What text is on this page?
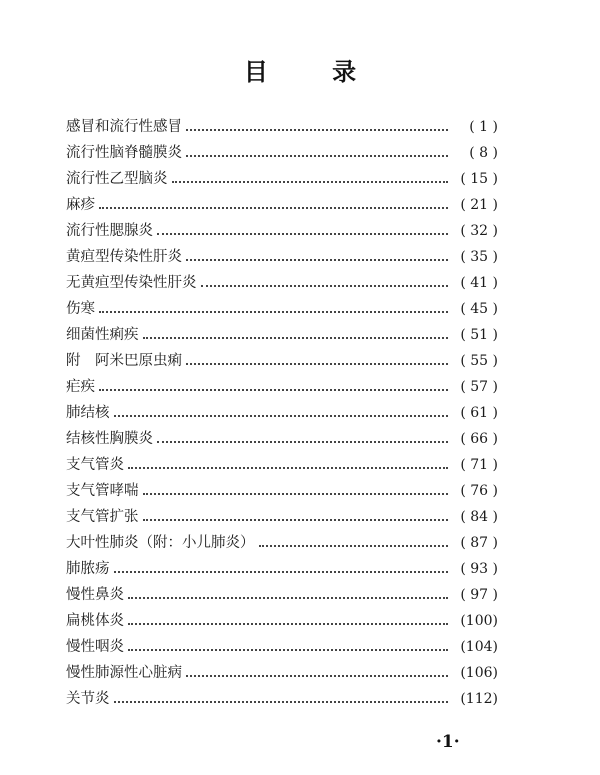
目 录
感冒和流行性感冒	( 1 )
流行性脑脊髓膜炎	( 8 )
流行性乙型脑炎	( 15 )
麻疹	( 21 )
流行性腮腺炎	( 32 )
黄疸型传染性肝炎	( 35 )
无黄疸型传染性肝炎	( 41 )
伤寒	( 45 )
细菌性痢疾	( 51 )
附　阿米巴原虫痢	( 55 )
疟疾	( 57 )
肺结核	( 61 )
结核性胸膜炎	( 66 )
支气管炎	( 71 )
支气管哮喘	( 76 )
支气管扩张	( 84 )
大叶性肺炎（附：小儿肺炎）	( 87 )
肺脓疡	( 93 )
慢性鼻炎	( 97 )
扁桃体炎	(100)
慢性咽炎	(104)
慢性肺源性心脏病	(106)
关节炎	(112)
·1·
